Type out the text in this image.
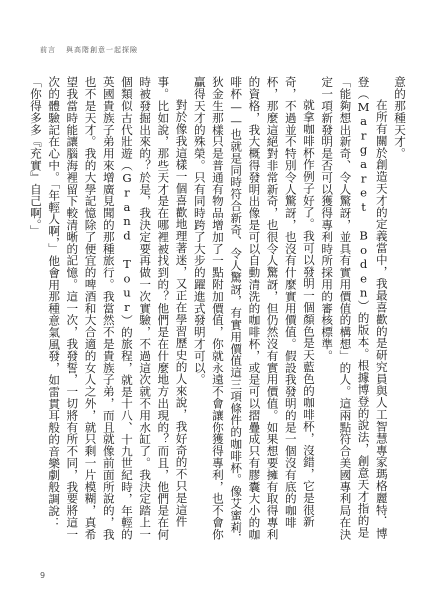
前言 與高階創意一起探險

意的那種天才。

在所有關於創造天才的定義當中，我最喜歡的是研究員與人工智慧專家瑪格麗特．博登（Margaret Boden）的版本。根據博登的說法，創意天才指的是「能夠想出新奇、令人驚訝，並具有實用價值的構想」的人。這兩點符合美國專利局在決定一項新發明是否可以獲得專利時所採用的審核標準。

就拿咖啡杯作例子好了。我可以發明一個顏色是天藍色的咖啡杯，沒錯，它是很新奇，不過並不特別令人驚訝，也沒有什麼實用價值。假設我發明的是一個沒有底的咖啡杯，那麼這絕對非常新奇，也很令人驚訝，但仍然沒有實用價值。如果想要擁有取得專利的資格，我大概得發明出像是可以自動清洗的咖啡杯，或是可以摺疊成只有膠囊大小的咖啡杯——也就是同時符合新奇、令人驚訝，有實用價值這三項條件的咖啡杯。像艾蜜莉．狄金生那樣只是普通有物品增加了一點附加價值，你就永遠不會讓你獲得專利，也不會你贏得天才的殊榮。只有同時跨了大步的躍進式發明才可以。

對於像我這樣一個喜歡地理著迷，又正在學習歷史的人來說，我好奇的不只是這件事。比如說，那些天才是在哪裡被找到的？他們是在什麼地方出現的？而且，他們是在何時被發掘出來的？於是，我決定要再做一次實驗，不過這次就不用水缸了。我決定踏上一個類似古代壯遊（Grand Tour）的旅程，就是十八、十九世紀時，年輕的英國貴族子弟用來增廣見聞的那種旅行。我當然不是貴族子弟，而且就像前面所說的，我也不是天才。我的大學記憶除了便宜的啤酒和大合適的女人之外，就只剩一片模糊，真希望我當時能讓腦海裡留下較清晰的記憶。這一次，我發誓，一切將有所不同，我要將這一次的體驗記在心中。「年輕人啊，」他會用那種意氣風發，如雷貫耳般的音樂劇般調說：「你得多多『充實』自己啊。」

9
